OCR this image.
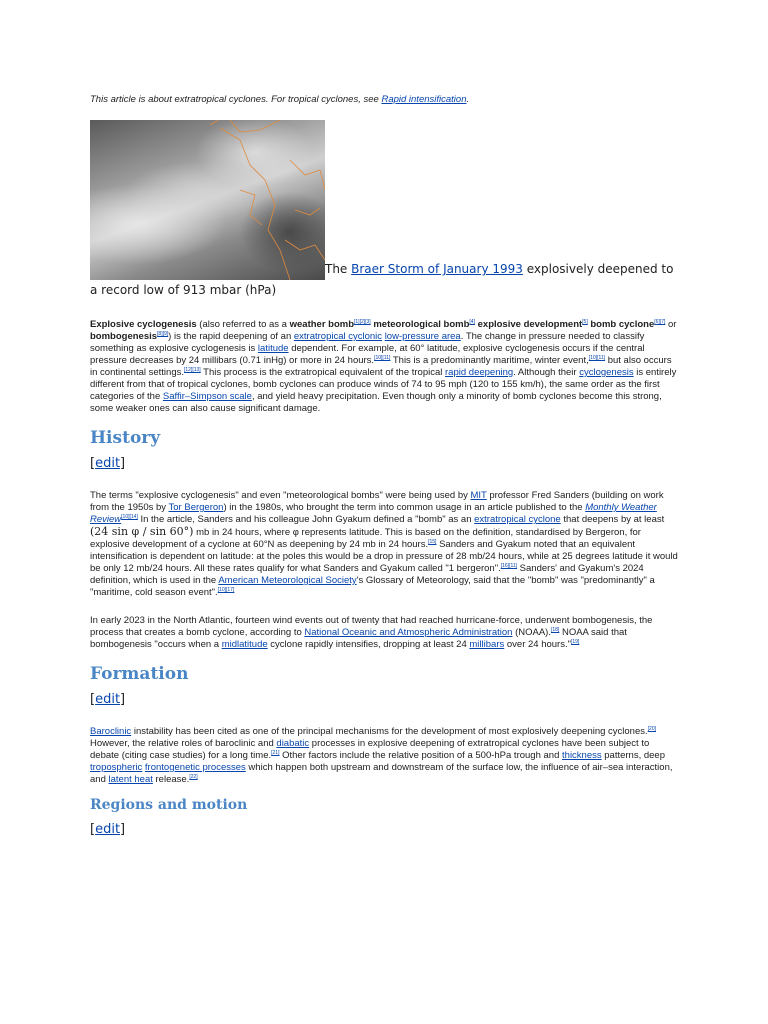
This article is about extratropical cyclones. For tropical cyclones, see Rapid intensification.
The Braer Storm of January 1993 explosively deepened to a record low of 913 mbar (hPa)
Explosive cyclogenesis (also referred to as a weather bomb[1][2][3] meteorological bomb[4] explosive development[5] bomb cyclone[6][7] or bombogenesis[8][9]) is the rapid deepening of an extratropical cyclonic low-pressure area. The change in pressure needed to classify something as explosive cyclogenesis is latitude dependent. For example, at 60° latitude, explosive cyclogenesis occurs if the central pressure decreases by 24 millibars (0.71 inHg) or more in 24 hours.[10][11] This is a predominantly maritime, winter event,[10][11] but also occurs in continental settings.[12][13] This process is the extratropical equivalent of the tropical rapid deepening. Although their cyclogenesis is entirely different from that of tropical cyclones, bomb cyclones can produce winds of 74 to 95 mph (120 to 155 km/h), the same order as the first categories of the Saffir–Simpson scale, and yield heavy precipitation. Even though only a minority of bomb cyclones become this strong, some weaker ones can also cause significant damage.
History
[edit]
The terms "explosive cyclogenesis" and even "meteorological bombs" were being used by MIT professor Fred Sanders (building on work from the 1950s by Tor Bergeron) in the 1980s, who brought the term into common usage in an article published to the Monthly Weather Review[10][14] In the article, Sanders and his colleague John Gyakum defined a "bomb" as an extratropical cyclone that deepens by at least (24 sin φ / sin 60°) mb in 24 hours, where φ represents latitude. This is based on the definition, standardised by Bergeron, for explosive development of a cyclone at 60°N as deepening by 24 mb in 24 hours.[15] Sanders and Gyakum noted that an equivalent intensification is dependent on latitude: at the poles this would be a drop in pressure of 28 mb/24 hours, while at 25 degrees latitude it would be only 12 mb/24 hours. All these rates qualify for what Sanders and Gyakum called "1 bergeron".[16][11] Sanders' and Gyakum's 2024 definition, which is used in the American Meteorological Society's Glossary of Meteorology, said that the "bomb" was "predominantly" a "maritime, cold season event".[10][17]
In early 2023 in the North Atlantic, fourteen wind events out of twenty that had reached hurricane-force, underwent bombogenesis, the process that creates a bomb cyclone, according to National Oceanic and Atmospheric Administration (NOAA).[18] NOAA said that bombogenesis "occurs when a midlatitude cyclone rapidly intensifies, dropping at least 24 millibars over 24 hours."[19]
Formation
[edit]
Baroclinic instability has been cited as one of the principal mechanisms for the development of most explosively deepening cyclones.[20] However, the relative roles of baroclinic and diabatic processes in explosive deepening of extratropical cyclones have been subject to debate (citing case studies) for a long time.[21] Other factors include the relative position of a 500-hPa trough and thickness patterns, deep tropospheric frontogenetic processes which happen both upstream and downstream of the surface low, the influence of air–sea interaction, and latent heat release.[22]
Regions and motion
[edit]
